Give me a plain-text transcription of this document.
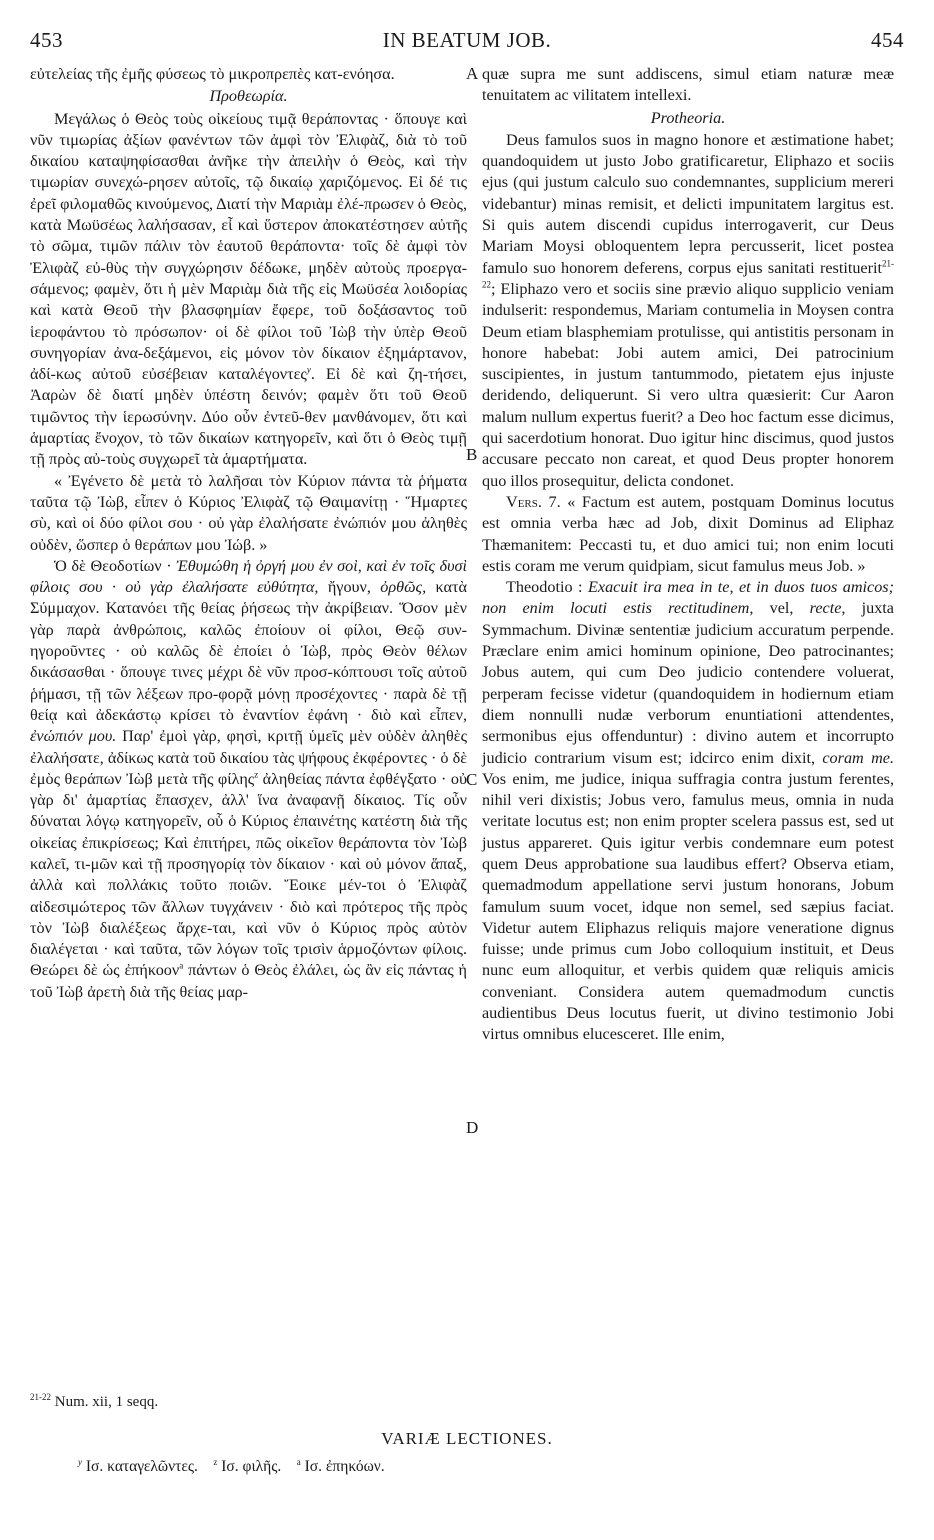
453	IN BEATUM JOB.	454

εὐτελείας τῆς ἐμῆς φύσεως τὸ μικροπρεπὲς κατ-ενόησα.

Προθεωρία.

Μεγάλως ὁ Θεὸς τοὺς οἰκείους τιμᾷ θεράποντας · ὅπουγε καὶ νῦν τιμωρίας ἀξίων φανέντων τῶν ἀμφὶ τὸν Ἐλιφὰζ, διὰ τὸ τοῦ δικαίου καταψηφίσασθαι ἀνῆκε τὴν ἀπειλὴν ὁ Θεὸς, καὶ τὴν τιμωρίαν συνεχώ-ρησεν αὐτοῖς, τῷ δικαίῳ χαριζόμενος. Εἰ δέ τις ἐρεῖ φιλομαθῶς κινούμενος, Διατί τὴν Μαριὰμ ἐλέ-πρωσεν ὁ Θεὸς, κατὰ Μωϋσέως λαλήσασαν, εἶ καὶ ὕστερον ἀποκατέστησεν αὐτῆς τὸ σῶμα, τιμῶν πάλιν τὸν ἑαυτοῦ θεράποντα· τοῖς δὲ ἀμφὶ τὸν Ἐλιφὰζ εὐ-θὺς τὴν συγχώρησιν δέδωκε, μηδὲν αὐτοὺς προεργα-σάμενος; φαμὲν, ὅτι ἡ μὲν Μαριὰμ διὰ τῆς εἰς Μωϋσέα λοιδορίας καὶ κατὰ Θεοῦ τὴν βλασφημίαν ἔφερε, τοῦ δοξάσαντος τοῦ ἱεροφάντου τὸ πρόσωπον· οἱ δὲ φίλοι τοῦ Ἰὼβ τὴν ὑπὲρ Θεοῦ συνηγορίαν ἀνα-δεξάμενοι, εἰς μόνον τὸν δίκαιον ἐξημάρτανον, ἀδί-κως αὐτοῦ εὐσέβειαν καταλέγοντες$^y$. Εἰ δὲ καὶ ζη-τήσει, Ἀαρὼν δὲ διατί μηδὲν ὑπέστη δεινόν; φαμὲν ὅτι τοῦ Θεοῦ τιμῶντος τὴν ἱερωσύνην. Δύο οὖν ἐντεῦ-θεν μανθάνομεν, ὅτι καὶ ἁμαρτίας ἔνοχον, τὸ τῶν δικαίων κατηγορεῖν, καὶ ὅτι ὁ Θεὸς τιμῇ τῇ πρὸς αὐ-τοὺς συγχωρεῖ τὰ ἁμαρτήματα.

« Ἐγένετο δὲ μετὰ τὸ λαλῆσαι τὸν Κύριον πάντα τὰ ῥήματα ταῦτα τῷ Ἰὼβ, εἶπεν ὁ Κύριος Ἐλιφὰζ τῷ Θαιμανίτῃ · Ἥμαρτες σὺ, καὶ οἱ δύο φίλοι σου · οὐ γὰρ ἐλαλήσατε ἐνώπιόν μου ἀληθὲς οὐδὲν, ὥσπερ ὁ θεράπων μου Ἰώβ. »

Ὁ δὲ Θεοδοτίων · Ἐθυμώθη ἡ ὀργή μου ἐν σοὶ, καὶ ἐν τοῖς δυσὶ φίλοις σου · οὐ γὰρ ἐλαλήσατε εὐθύτητα, ἤγουν, ὀρθῶς, κατὰ Σύμμαχον. Κατανόει τῆς θείας ῥήσεως τὴν ἀκρίβειαν. Ὅσον μὲν γὰρ παρὰ ἀνθρώποις, καλῶς ἐποίουν οἱ φίλοι, Θεῷ συν-ηγοροῦντες · οὐ καλῶς δὲ ἐποίει ὁ Ἰὼβ, πρὸς Θεὸν θέλων δικάσασθαι · ὅπουγε τινες μέχρι δὲ νῦν προσ-κόπτουσι τοῖς αὐτοῦ ῥήμασι, τῇ τῶν λέξεων προ-φορᾷ μόνῃ προσέχοντες · παρὰ δὲ τῇ θείᾳ καὶ ἀδεκάστῳ κρίσει τὸ ἐναντίον ἐφάνη · διὸ καὶ εἶπεν, ἐνώπιόν μου. Παρ' ἐμοὶ γὰρ, φησὶ, κριτῇ ὑμεῖς μὲν οὐδὲν ἀληθὲς ἐλαλήσατε, ἀδίκως κατὰ τοῦ δικαίου τὰς ψήφους ἐκφέροντες · ὁ δὲ ἐμὸς θεράπων Ἰὼβ μετὰ τῆς φίλης$^z$ ἀληθείας πάντα ἐφθέγξατο · οὐ γὰρ δι' ἁμαρτίας ἔπασχεν, ἀλλ' ἵνα ἀναφανῇ δίκαιος. Τίς οὖν δύναται λόγῳ κατηγορεῖν, οὗ ὁ Κύριος ἐπαινέτης κατέστη διὰ τῆς οἰκείας ἐπικρίσεως; Καὶ ἐπιτήρει, πῶς οἰκεῖον θεράποντα τὸν Ἰὼβ καλεῖ, τι-μῶν καὶ τῇ προσηγορίᾳ τὸν δίκαιον · καὶ οὐ μόνον ἅπαξ, ἀλλὰ καὶ πολλάκις τοῦτο ποιῶν. Ἔοικε μέν-τοι ὁ Ἐλιφὰζ αἰδεσιμώτερος τῶν ἄλλων τυγχάνειν · διὸ καὶ πρότερος τῆς πρὸς τὸν Ἰὼβ διαλέξεως ἄρχε-ται, καὶ νῦν ὁ Κύριος πρὸς αὐτὸν διαλέγεται · καὶ ταῦτα, τῶν λόγων τοῖς τρισὶν ἁρμοζόντων φίλοις. Θεώρει δὲ ὡς ἐπήκοον$^a$ πάντων ὁ Θεὸς ἐλάλει, ὡς ἂν εἰς πάντας ἡ τοῦ Ἰὼβ ἀρετὴ διὰ τῆς θείας μαρ-

A
B
C
D

quæ supra me sunt addiscens, simul etiam naturæ meæ tenuitatem ac vilitatem intellexi.

Protheoria.

Deus famulos suos in magno honore et æstimatione habet; quandoquidem ut justo Jobo gratificaretur, Eliphazo et sociis ejus (qui justum calculo suo condemnantes, supplicium mereri videbantur) minas remisit, et delicti impunitatem largitus est. Si quis autem discendi cupidus interrogaverit, cur Deus Mariam Moysi obloquentem lepra percusserit, licet postea famulo suo honorem deferens, corpus ejus sanitati restituerit$^{21-22}$; Eliphazo vero et sociis sine prævio aliquo supplicio veniam indulserit: respondemus, Mariam contumelia in Moysen contra Deum etiam blasphemiam protulisse, qui antistitis personam in honore habebat: Jobi autem amici, Dei patrocinium suscipientes, in justum tantummodo, pietatem ejus injuste deridendo, deliquerunt. Si vero ultra quæsierit: Cur Aaron malum nullum expertus fuerit? a Deo hoc factum esse dicimus, qui sacerdotium honorat. Duo igitur hinc discimus, quod justos accusare peccato non careat, et quod Deus propter honorem quo illos prosequitur, delicta condonet.

Vers. 7. « Factum est autem, postquam Dominus locutus est omnia verba hæc ad Job, dixit Dominus ad Eliphaz Thæmanitem: Peccasti tu, et duo amici tui; non enim locuti estis coram me verum quidpiam, sicut famulus meus Job. »

Theodotio : Exacuit ira mea in te, et in duos tuos amicos; non enim locuti estis rectitudinem, vel, recte, juxta Symmachum. Divinæ sententiæ judicium accuratum perpende. Præclare enim amici hominum opinione, Deo patrocinantes; Jobus autem, qui cum Deo judicio contendere voluerat, perperam fecisse videtur (quandoquidem in hodiernum etiam diem nonnulli nudæ verborum enuntiationi attendentes, sermonibus ejus offenduntur) : divino autem et incorrupto judicio contrarium visum est; idcirco enim dixit, coram me. Vos enim, me judice, iniqua suffragia contra justum ferentes, nihil veri dixistis; Jobus vero, famulus meus, omnia in nuda veritate locutus est; non enim propter scelera passus est, sed ut justus appareret. Quis igitur verbis condemnare eum potest quem Deus approbatione sua laudibus effert? Observa etiam, quemadmodum appellatione servi justum honorans, Jobum famulum suum vocet, idque non semel, sed sæpius faciat. Videtur autem Eliphazus reliquis majore veneratione dignus fuisse; unde primus cum Jobo colloquium instituit, et Deus nunc eum alloquitur, et verbis quidem quæ reliquis amicis conveniant. Considera autem quemadmodum cunctis audientibus Deus locutus fuerit, ut divino testimonio Jobi virtus omnibus elucesceret. Ille enim,

$^{21-22}$ Num. xii, 1 seqq.
VARIÆ LECTIONES.
$^y$ Ισ. καταγελῶντες. $^z$ Ισ. φιλῆς. $^a$ Ισ. ἐπηκόων.
